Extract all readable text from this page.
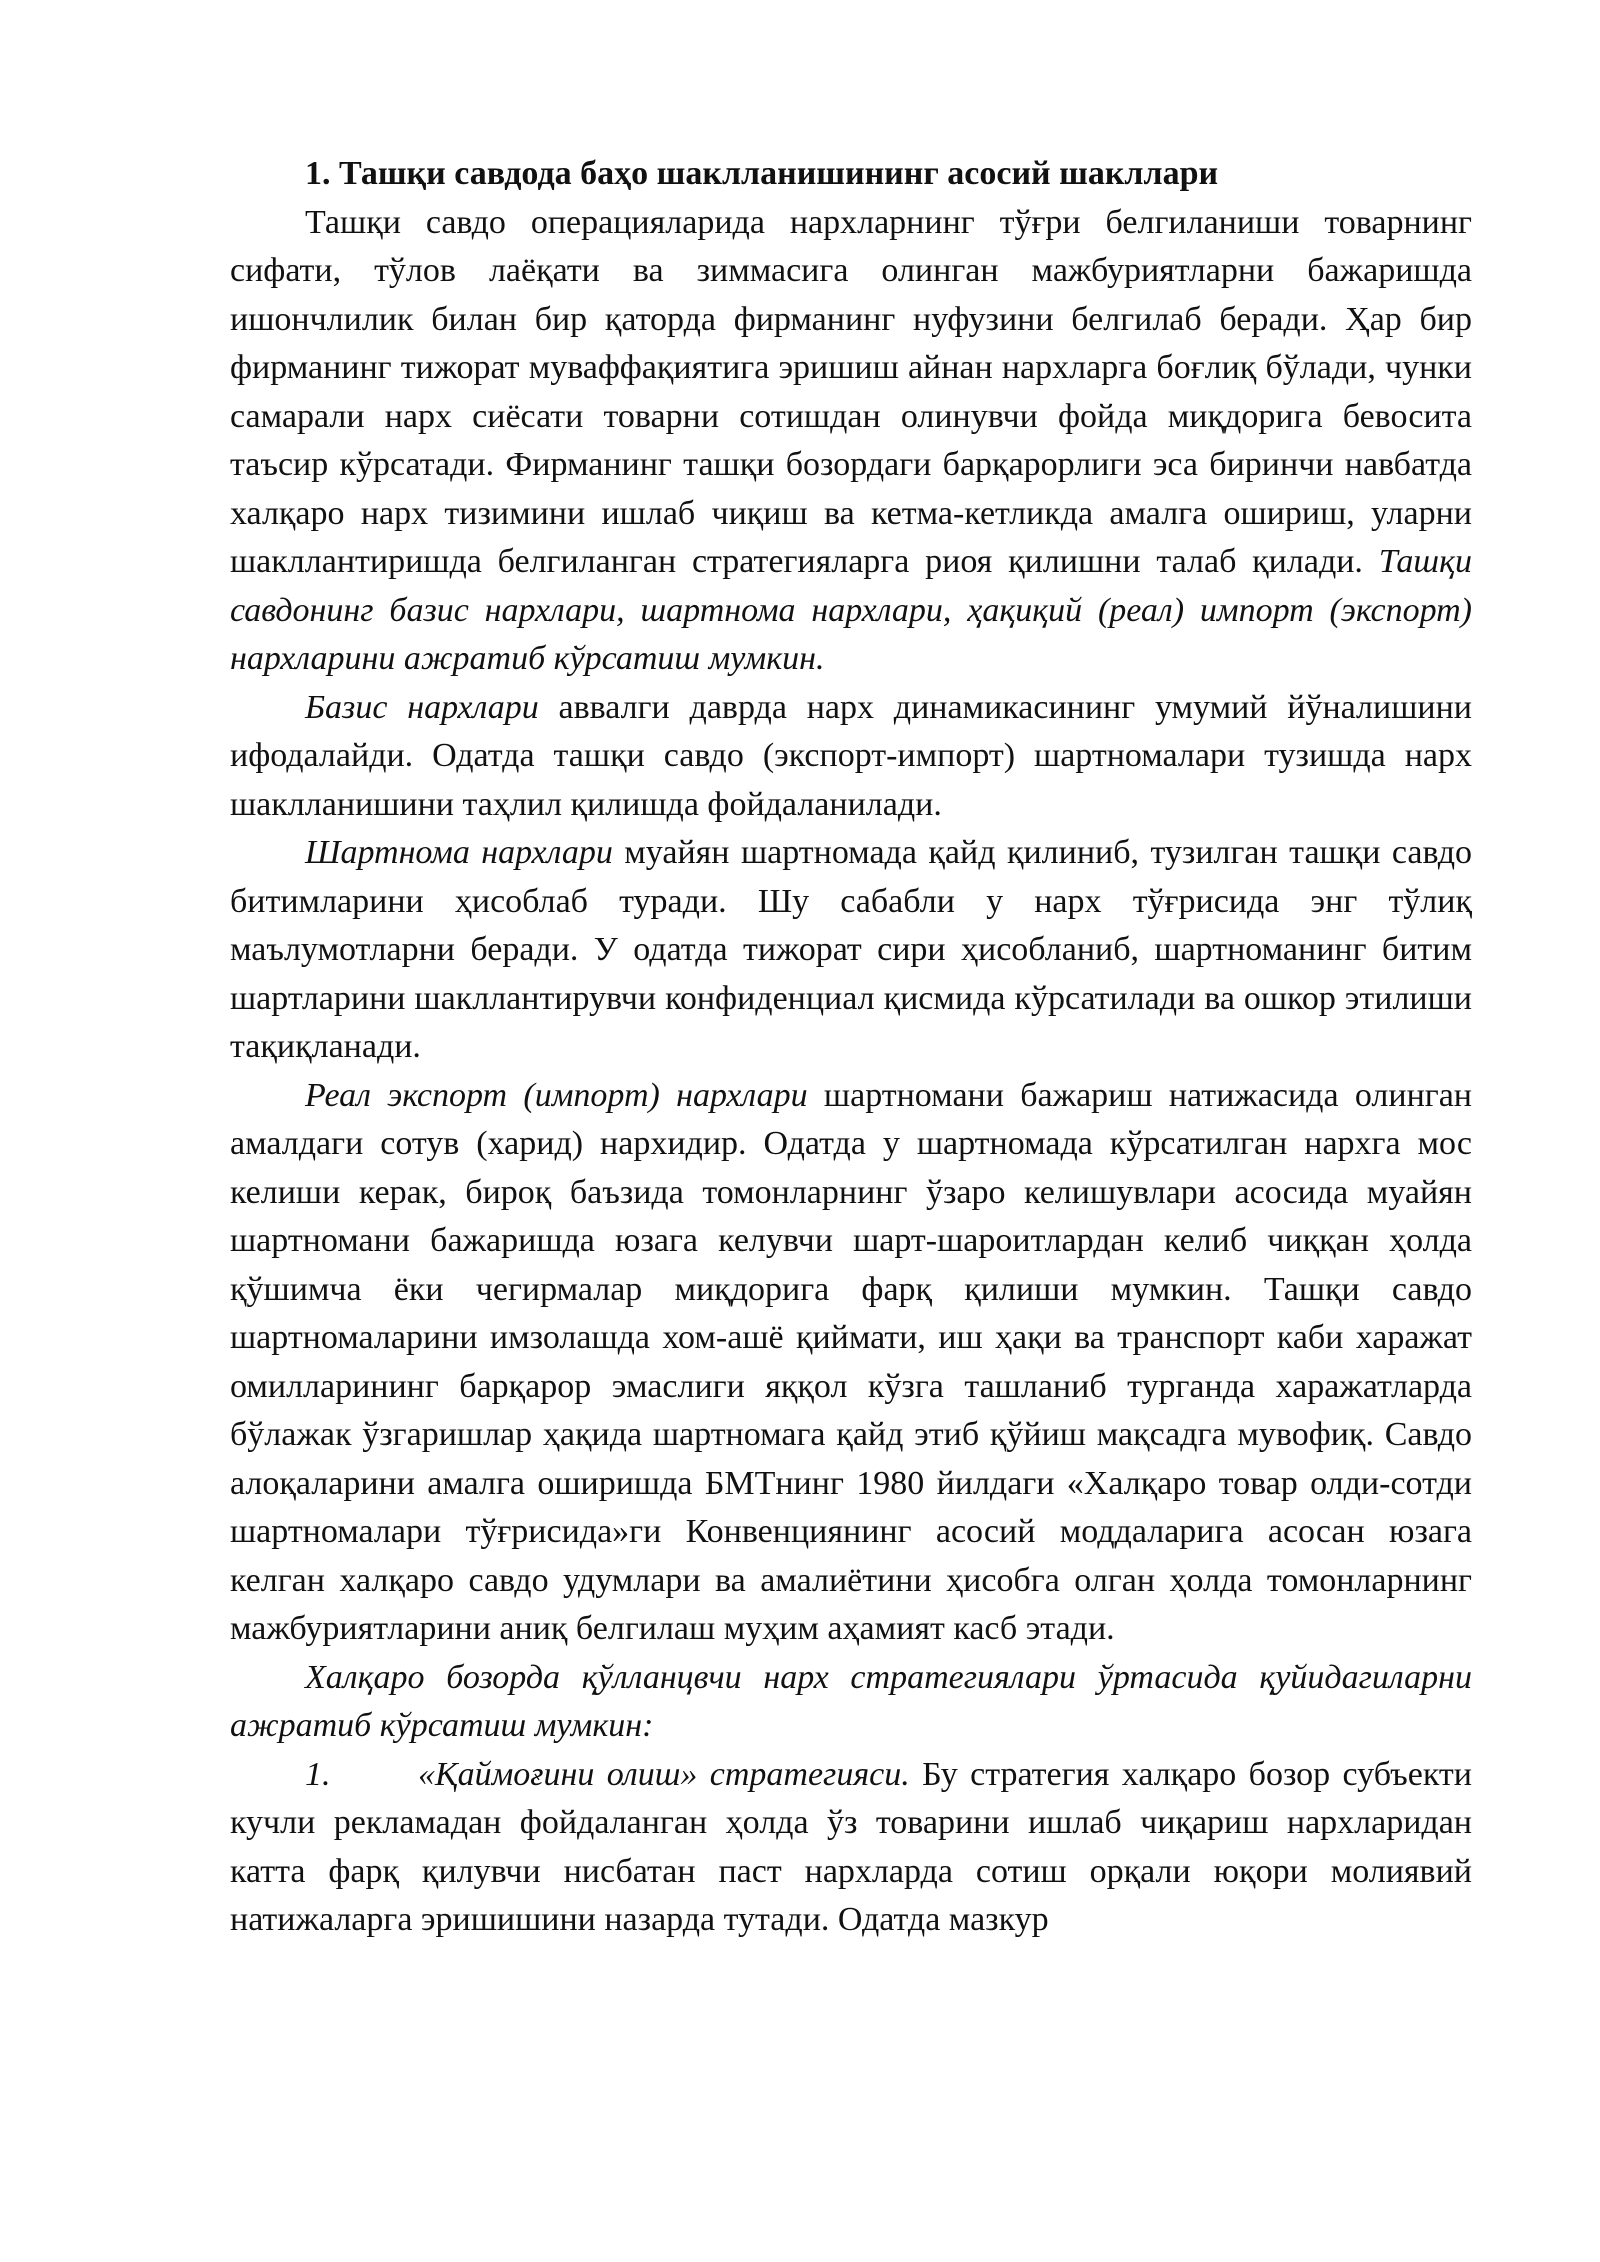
1. Ташқи савдода баҳо шаклланишининг асосий шакллари

Ташқи савдо операцияларида нархларнинг тўғри белгиланиши товарнинг сифати, тўлов лаёқати ва зиммасига олинган мажбуриятларни бажаришда ишончлилик билан бир қаторда фирманинг нуфузини белгилаб беради. Ҳар бир фирманинг тижорат муваффақиятига эришиш айнан нархларга боғлиқ бўлади, чунки самарали нарх сиёсати товарни сотишдан олинувчи фойда миқдорига бевосита таъсир кўрсатади. Фирманинг ташқи бозордаги барқарорлиги эса биринчи навбатда халқаро нарх тизимини ишлаб чиқиш ва кетма-кетликда амалга ошириш, уларни шакллантиришда белгиланган стратегияларга риоя қилишни талаб қилади. Ташқи савдонинг базис нархлари, шартнома нархлари, ҳақиқий (реал) импорт (экспорт) нархларини ажратиб кўрсатиш мумкин.

Базис нархлари аввалги даврда нарх динамикасининг умумий йўналишини ифодалайди. Одатда ташқи савдо (экспорт-импорт) шартномалари тузишда нарх шаклланишини таҳлил қилишда фойдаланилади.

Шартнома нархлари муайян шартномада қайд қилиниб, тузилган ташқи савдо битимларини ҳисоблаб туради. Шу сабабли у нарх тўғрисида энг тўлиқ маълумотларни беради. У одатда тижорат сири ҳисобланиб, шартноманинг битим шартларини шакллантирувчи конфиденциал қисмида кўрсатилади ва ошкор этилиши тақиқланади.

Реал экспорт (импорт) нархлари шартномани бажариш натижасида олинган амалдаги сотув (харид) нархидир. Одатда у шартномада кўрсатилган нархга мос келиши керак, бироқ баъзида томонларнинг ўзаро келишувлари асосида муайян шартномани бажаришда юзага келувчи шарт-шароитлардан келиб чиққан ҳолда қўшимча ёки чегирмалар миқдорига фарқ қилиши мумкин. Ташқи савдо шартномаларини имзолашда хом-ашё қиймати, иш ҳақи ва транспорт каби харажат омилларининг барқарор эмаслиги яққол кўзга ташланиб турганда харажатларда бўлажак ўзгаришлар ҳақида шартномага қайд этиб қўйиш мақсадга мувофиқ. Савдо алоқаларини амалга оширишда БМТнинг 1980 йилдаги «Халқаро товар олди-сотди шартномалари тўғрисида»ги Конвенциянинг асосий моддаларига асосан юзага келган халқаро савдо удумлари ва амалиётини ҳисобга олган ҳолда томонларнинг мажбуриятларини аниқ белгилаш муҳим аҳамият касб этади.

Халқаро бозорда қўлланцвчи нарх стратегиялари ўртасида қуйидагиларни ажратиб кўрсатиш мумкин:

1.	«Қаймоғини олиш» стратегияси. Бу стратегия халқаро бозор субъекти кучли рекламадан фойдаланган ҳолда ўз товарини ишлаб чиқариш нархларидан катта фарқ қилувчи нисбатан паст нархларда сотиш орқали юқори молиявий натижаларга эришишини назарда тутади. Одатда мазкур
